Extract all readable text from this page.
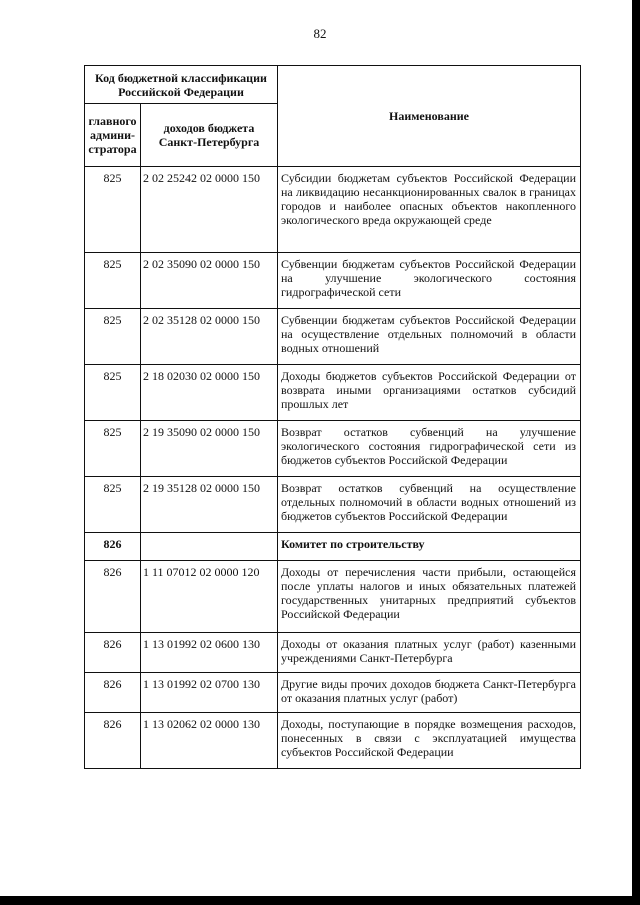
82
Код бюджетной классификации Российской Федерации		Наименование
главного админи-стратора	доходов бюджета Санкт-Петербурга	
825	2 02 25242 02 0000 150	Субсидии бюджетам субъектов Российской Федерации на ликвидацию несанкционированных свалок в границах городов и наиболее опасных объектов накопленного экологического вреда окружающей среде
825	2 02 35090 02 0000 150	Субвенции бюджетам субъектов Российской Федерации на улучшение экологического состояния гидрографической сети
825	2 02 35128 02 0000 150	Субвенции бюджетам субъектов Российской Федерации на осуществление отдельных полномочий в области водных отношений
825	2 18 02030 02 0000 150	Доходы бюджетов субъектов Российской Федерации от возврата иными организациями остатков субсидий прошлых лет
825	2 19 35090 02 0000 150	Возврат остатков субвенций на улучшение экологического состояния гидрографической сети из бюджетов субъектов Российской Федерации
825	2 19 35128 02 0000 150	Возврат остатков субвенций на осуществление отдельных полномочий в области водных отношений из бюджетов субъектов Российской Федерации
826		Комитет по строительству
826	1 11 07012 02 0000 120	Доходы от перечисления части прибыли, остающейся после уплаты налогов и иных обязательных платежей государственных унитарных предприятий субъектов Российской Федерации
826	1 13 01992 02 0600 130	Доходы от оказания платных услуг (работ) казенными учреждениями Санкт-Петербурга
826	1 13 01992 02 0700 130	Другие виды прочих доходов бюджета Санкт-Петербурга от оказания платных услуг (работ)
826	1 13 02062 02 0000 130	Доходы, поступающие в порядке возмещения расходов, понесенных в связи с эксплуатацией имущества субъектов Российской Федерации
